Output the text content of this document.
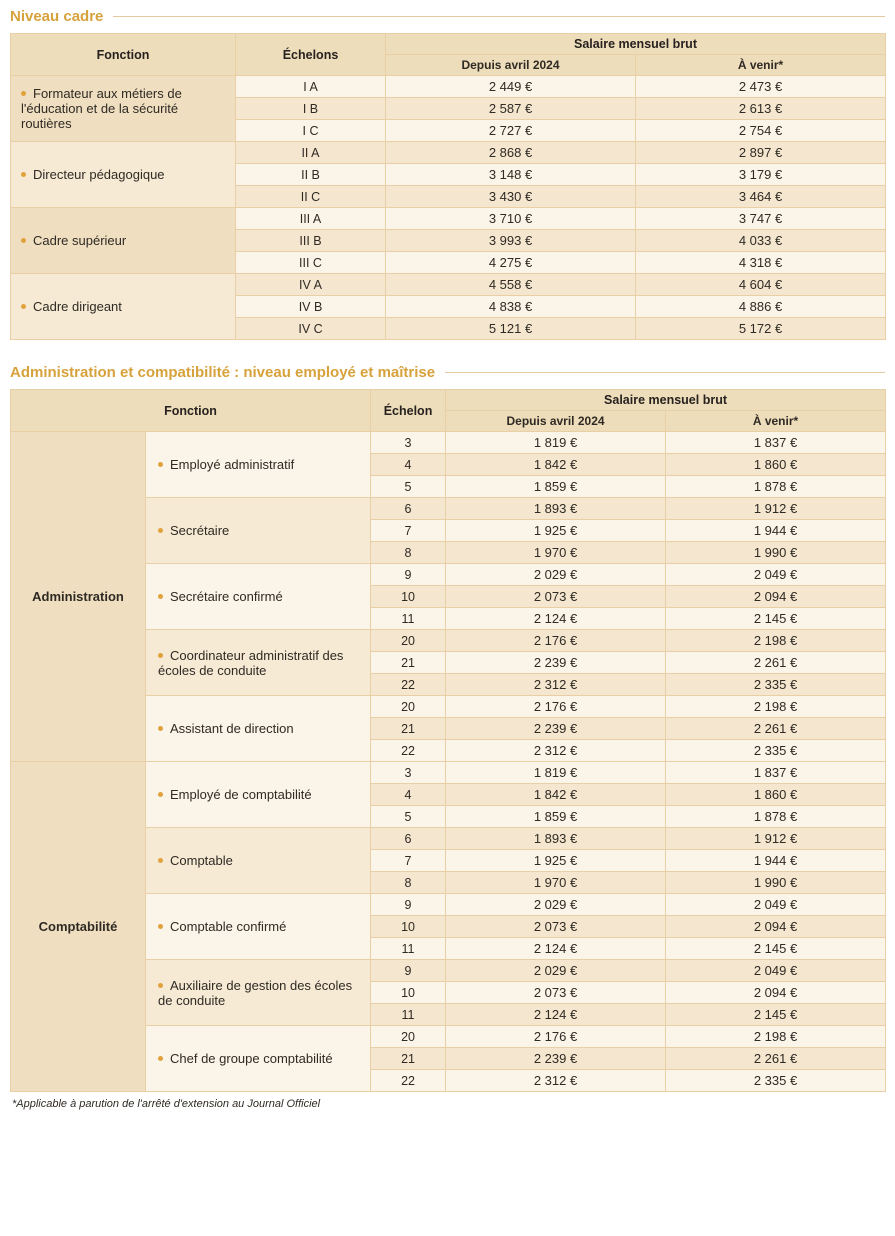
Niveau cadre
Fonction	Échelons	Salaire mensuel brut	
		Depuis avril 2024	À venir*
Formateur aux métiers de l'éducation et de la sécurité routières	I A	2 449 €	2 473 €
	I B	2 587 €	2 613 €
	I C	2 727 €	2 754 €
Directeur pédagogique	II A	2 868 €	2 897 €
	II B	3 148 €	3 179 €
	II C	3 430 €	3 464 €
Cadre supérieur	III A	3 710 €	3 747 €
	III B	3 993 €	4 033 €
	III C	4 275 €	4 318 €
Cadre dirigeant	IV A	4 558 €	4 604 €
	IV B	4 838 €	4 886 €
	IV C	5 121 €	5 172 €
Administration et compatibilité : niveau employé et maîtrise
Fonction		Échelon	Salaire mensuel brut	
			Depuis avril 2024	À venir*
Administration	Employé administratif	3	1 819 €	1 837 €
		4	1 842 €	1 860 €
		5	1 859 €	1 878 €
	Secrétaire	6	1 893 €	1 912 €
		7	1 925 €	1 944 €
		8	1 970 €	1 990 €
	Secrétaire confirmé	9	2 029 €	2 049 €
		10	2 073 €	2 094 €
		11	2 124 €	2 145 €
	Coordinateur administratif des écoles de conduite	20	2 176 €	2 198 €
		21	2 239 €	2 261 €
		22	2 312 €	2 335 €
	Assistant de direction	20	2 176 €	2 198 €
		21	2 239 €	2 261 €
		22	2 312 €	2 335 €
Comptabilité	Employé de comptabilité	3	1 819 €	1 837 €
		4	1 842 €	1 860 €
		5	1 859 €	1 878 €
	Comptable	6	1 893 €	1 912 €
		7	1 925 €	1 944 €
		8	1 970 €	1 990 €
	Comptable confirmé	9	2 029 €	2 049 €
		10	2 073 €	2 094 €
		11	2 124 €	2 145 €
	Auxiliaire de gestion des écoles de conduite	9	2 029 €	2 049 €
		10	2 073 €	2 094 €
		11	2 124 €	2 145 €
	Chef de groupe comptabilité	20	2 176 €	2 198 €
		21	2 239 €	2 261 €
		22	2 312 €	2 335 €
*Applicable à parution de l'arrêté d'extension au Journal Officiel
